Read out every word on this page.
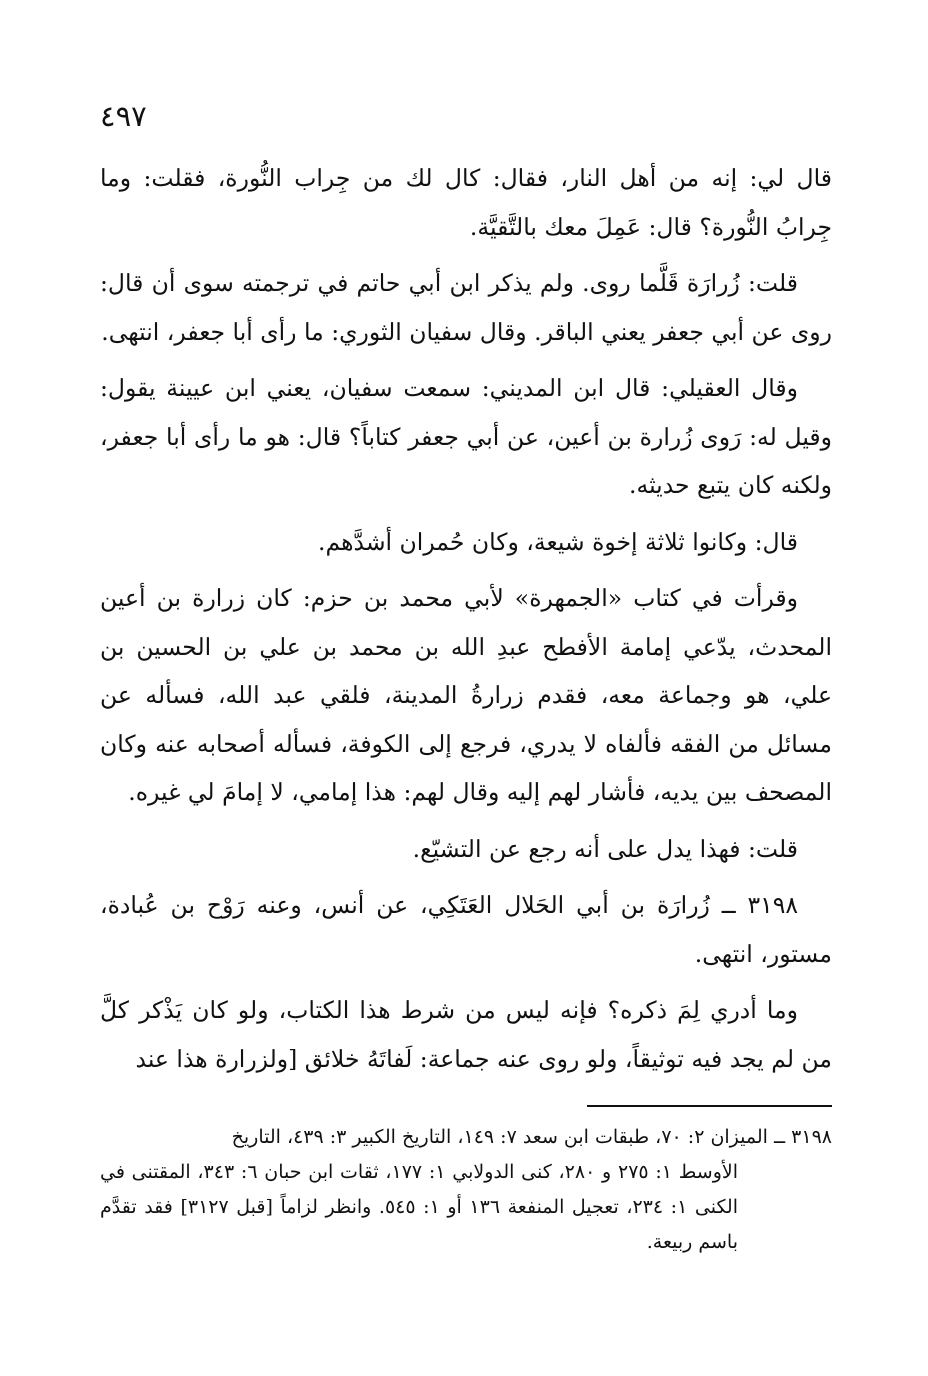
٤٩٧

قال لي: إنه من أهل النار، فقال: كال لك من جِراب النُّورة، فقلت: وما جِرابُ النُّورة؟ قال: عَمِلَ معك بالتَّقيَّة.

قلت: زُرارَة قَلَّما روى. ولم يذكر ابن أبي حاتم في ترجمته سوى أن قال: روى عن أبي جعفر يعني الباقر. وقال سفيان الثوري: ما رأى أبا جعفر، انتهى.

وقال العقيلي: قال ابن المديني: سمعت سفيان، يعني ابن عيينة يقول: وقيل له: رَوى زُرارة بن أعين، عن أبي جعفر كتاباً؟ قال: هو ما رأى أبا جعفر، ولكنه كان يتبع حديثه.

قال: وكانوا ثلاثة إخوة شيعة، وكان حُمران أشدَّهم.

وقرأت في كتاب «الجمهرة» لأبي محمد بن حزم: كان زرارة بن أعين المحدث، يدّعي إمامة الأفطح عبدِ الله بن محمد بن علي بن الحسين بن علي، هو وجماعة معه، فقدم زرارةُ المدينة، فلقي عبد الله، فسأله عن مسائل من الفقه فألفاه لا يدري، فرجع إلى الكوفة، فسأله أصحابه عنه وكان المصحف بين يديه، فأشار لهم إليه وقال لهم: هذا إمامي، لا إمامَ لي غيره.

قلت: فهذا يدل على أنه رجع عن التشيّع.

٣١٩٨ ــ زُرارَة بن أبي الحَلال العَتَكِي، عن أنس، وعنه رَوْح بن عُبادة، مستور، انتهى.

وما أدري لِمَ ذكره؟ فإنه ليس من شرط هذا الكتاب، ولو كان يَذْكر كلَّ من لم يجد فيه توثيقاً، ولو روى عنه جماعة: لَفاتَهُ خلائق [ولزرارة هذا عند

٣١٩٨ ــ الميزان ٢: ٧٠، طبقات ابن سعد ٧: ١٤٩، التاريخ الكبير ٣: ٤٣٩، التاريخ
الأوسط ١: ٢٧٥ و ٢٨٠، كنى الدولابي ١: ١٧٧، ثقات ابن حبان ٦: ٣٤٣، المقتنى في الكنى ١: ٢٣٤، تعجيل المنفعة ١٣٦ أو ١: ٥٤٥. وانظر لزاماً [قبل ٣١٢٧] فقد تقدَّم باسم ربيعة.
